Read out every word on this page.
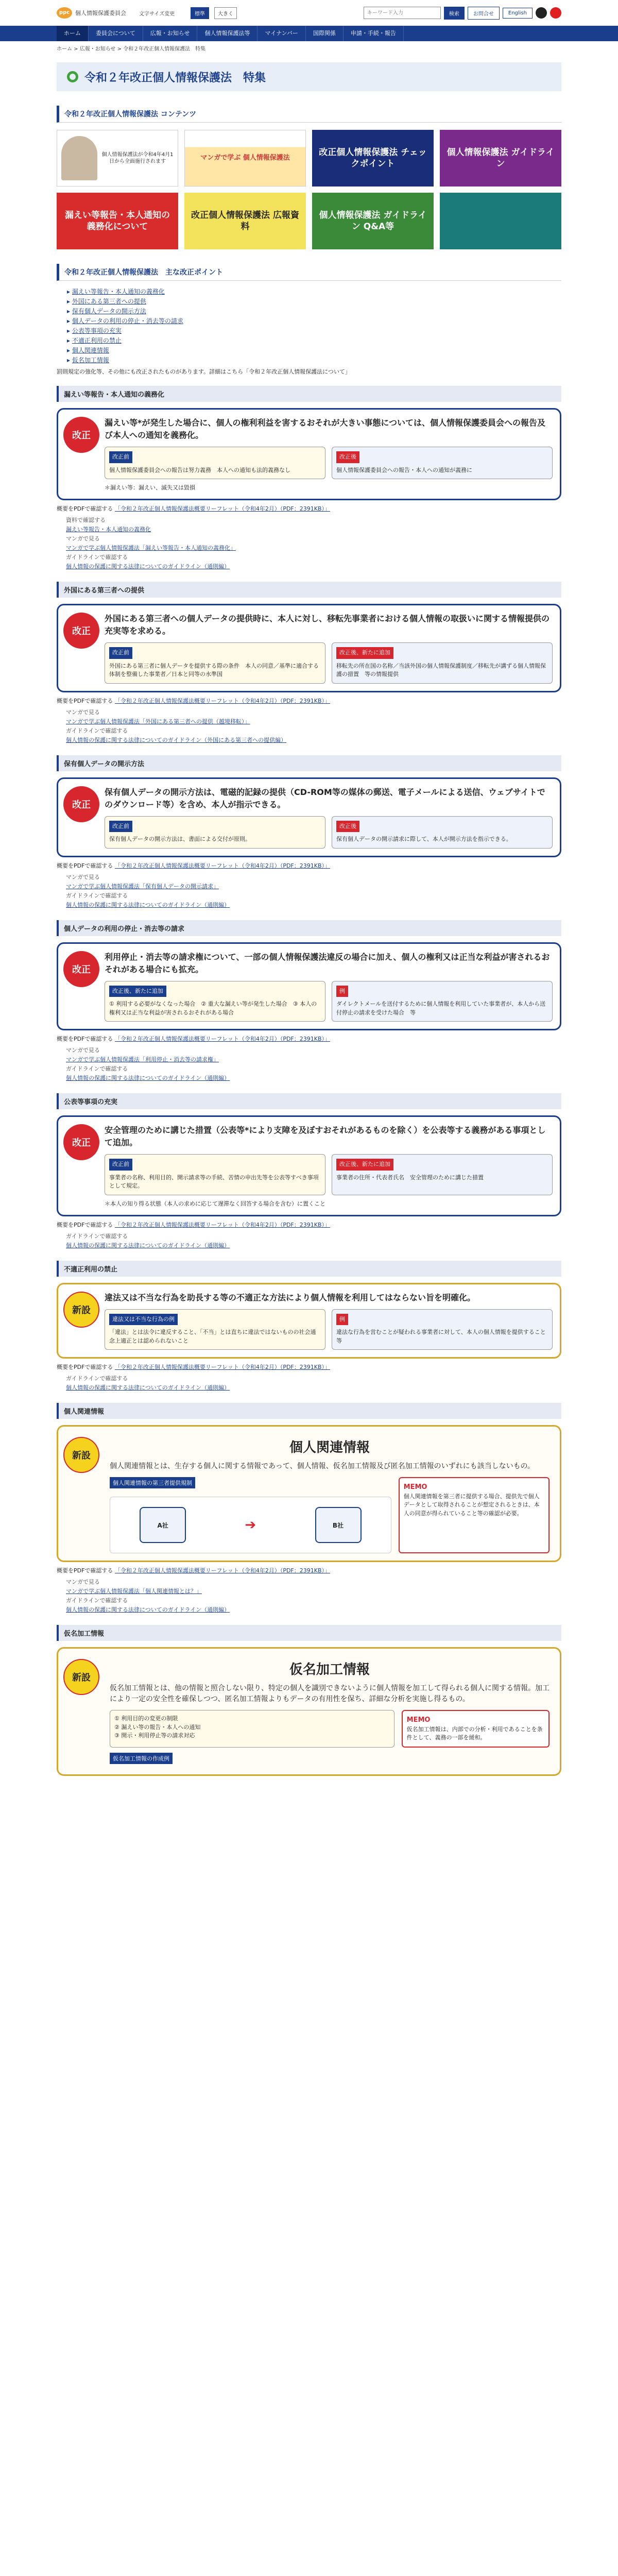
ppc 個人情報保護委員会	文字サイズ変更	標準	大きく
キーワード入力	検索	お問合せ	English
ホーム	委員会について	広報・お知らせ	個人情報保護法等	マイナンバー	国際関係	申請・手続・報告
ホーム > 広報・お知らせ > 令和２年改正個人情報保護法　特集
令和２年改正個人情報保護法　特集
令和２年改正個人情報保護法 コンテンツ
個人情報保護法が令和4年4月1日から全面施行されます	マンガで学ぶ 個人情報保護法
改正個人情報保護法 チェックポイント
個人情報保護法 ガイドライン
漏えい等報告・本人通知の義務化について
改正個人情報保護法 広報資料
個人情報保護法 ガイドライン Q&A等
令和２年改正個人情報保護法　主な改正ポイント
▸ 漏えい等報告・本人通知の義務化
▸ 外国にある第三者への提供
▸ 保有個人データの開示方法
▸ 個人データの利用の停止・消去等の請求
▸ 公表等事項の充実
▸ 不適正利用の禁止
▸ 個人関連情報
▸ 仮名加工情報

罰則規定の強化等、その他にも改正されたものがあります。詳細はこちら「令和２年改正個人情報保護法について」

漏えい等報告・本人通知の義務化
改正

漏えい等*が発生した場合に、個人の権利利益を害するおそれが大きい事態については、個人情報保護委員会への報告及び本人への通知を義務化。

改正前

個人情報保護委員会への報告は努力義務　本人への通知も法的義務なし

改正後

個人情報保護委員会への報告・本人への通知が義務に

＊漏えい等：漏えい、滅失又は毀損

概要をPDFで確認する 「令和２年改正個人情報保護法概要リーフレット（令和4年2月）（PDF：2391KB）」

資料で確認する
漏えい等報告・本人通知の義務化
マンガで見る
マンガで学ぶ個人情報保護法「漏えい等報告・本人通知の義務化」
ガイドラインで確認する
個人情報の保護に関する法律についてのガイドライン（通則編）
外国にある第三者への提供
改正

外国にある第三者への個人データの提供時に、本人に対し、移転先事業者における個人情報の取扱いに関する情報提供の充実等を求める。

改正前

外国にある第三者に個人データを提供する際の条件　本人の同意／基準に適合する体制を整備した事業者／日本と同等の水準国

改正後、新たに追加

移転先の所在国の名称／当該外国の個人情報保護制度／移転先が講ずる個人情報保護の措置　等の情報提供

概要をPDFで確認する 「令和２年改正個人情報保護法概要リーフレット（令和4年2月）（PDF：2391KB）」

マンガで見る
マンガで学ぶ個人情報保護法「外国にある第三者への提供（越境移転）」
ガイドラインで確認する
個人情報の保護に関する法律についてのガイドライン（外国にある第三者への提供編）
保有個人データの開示方法
改正

保有個人データの開示方法は、電磁的記録の提供（CD-ROM等の媒体の郵送、電子メールによる送信、ウェブサイトでのダウンロード等）を含め、本人が指示できる。

改正前

保有個人データの開示方法は、書面による交付が原則。

改正後

保有個人データの開示請求に際して、本人が開示方法を指示できる。

概要をPDFで確認する 「令和２年改正個人情報保護法概要リーフレット（令和4年2月）（PDF：2391KB）」

マンガで見る
マンガで学ぶ個人情報保護法「保有個人データの開示請求」
ガイドラインで確認する
個人情報の保護に関する法律についてのガイドライン（通則編）
個人データの利用の停止・消去等の請求
改正

利用停止・消去等の請求権について、一部の個人情報保護法違反の場合に加え、個人の権利又は正当な利益が害されるおそれがある場合にも拡充。

改正後、新たに追加

① 利用する必要がなくなった場合　② 重大な漏えい等が発生した場合　③ 本人の権利又は正当な利益が害されるおそれがある場合

例

ダイレクトメールを送付するために個人情報を利用していた事業者が、本人から送付停止の請求を受けた場合　等

概要をPDFで確認する 「令和２年改正個人情報保護法概要リーフレット（令和4年2月）（PDF：2391KB）」

マンガで見る
マンガで学ぶ個人情報保護法「利用停止・消去等の請求権」
ガイドラインで確認する
個人情報の保護に関する法律についてのガイドライン（通則編）
公表等事項の充実
改正

安全管理のために講じた措置（公表等*により支障を及ぼすおそれがあるものを除く）を公表等する義務がある事項として追加。

改正前

事業者の名称、利用目的、開示請求等の手続、苦情の申出先等を公表等すべき事項として規定。

改正後、新たに追加

事業者の住所・代表者氏名　安全管理のために講じた措置

＊本人の知り得る状態（本人の求めに応じて遅滞なく回答する場合を含む）に置くこと

概要をPDFで確認する 「令和２年改正個人情報保護法概要リーフレット（令和4年2月）（PDF：2391KB）」

ガイドラインで確認する
個人情報の保護に関する法律についてのガイドライン（通則編）
不適正利用の禁止
新設

違法又は不当な行為を助長する等の不適正な方法により個人情報を利用してはならない旨を明確化。

違法又は不当な行為の例

「違法」とは法令に違反すること、「不当」とは直ちに違法ではないものの社会通念上適正とは認められないこと

例

違法な行為を営むことが疑われる事業者に対して、本人の個人情報を提供すること　等

概要をPDFで確認する 「令和２年改正個人情報保護法概要リーフレット（令和4年2月）（PDF：2391KB）」

ガイドラインで確認する
個人情報の保護に関する法律についてのガイドライン（通則編）
個人関連情報
新設
個人関連情報

個人関連情報とは、生存する個人に関する情報であって、個人情報、仮名加工情報及び匿名加工情報のいずれにも該当しないもの。

個人関連情報の第三者提供規制
A社	➔	B社
MEMO

個人関連情報を第三者に提供する場合、提供先で個人データとして取得されることが想定されるときは、本人の同意が得られていること等の確認が必要。

概要をPDFで確認する 「令和２年改正個人情報保護法概要リーフレット（令和4年2月）（PDF：2391KB）」

マンガで見る
マンガで学ぶ個人情報保護法「個人関連情報とは？」
ガイドラインで確認する
個人情報の保護に関する法律についてのガイドライン（通則編）
仮名加工情報
新設
仮名加工情報

仮名加工情報とは、他の情報と照合しない限り、特定の個人を識別できないように個人情報を加工して得られる個人に関する情報。加工により一定の安全性を確保しつつ、匿名加工情報よりもデータの有用性を保ち、詳細な分析を実施し得るもの。

① 利用目的の変更の制限
② 漏えい等の報告・本人への通知
③ 開示・利用停止等の請求対応
MEMO

仮名加工情報は、内部での分析・利用であることを条件として、義務の一部を緩和。

仮名加工情報の作成例
